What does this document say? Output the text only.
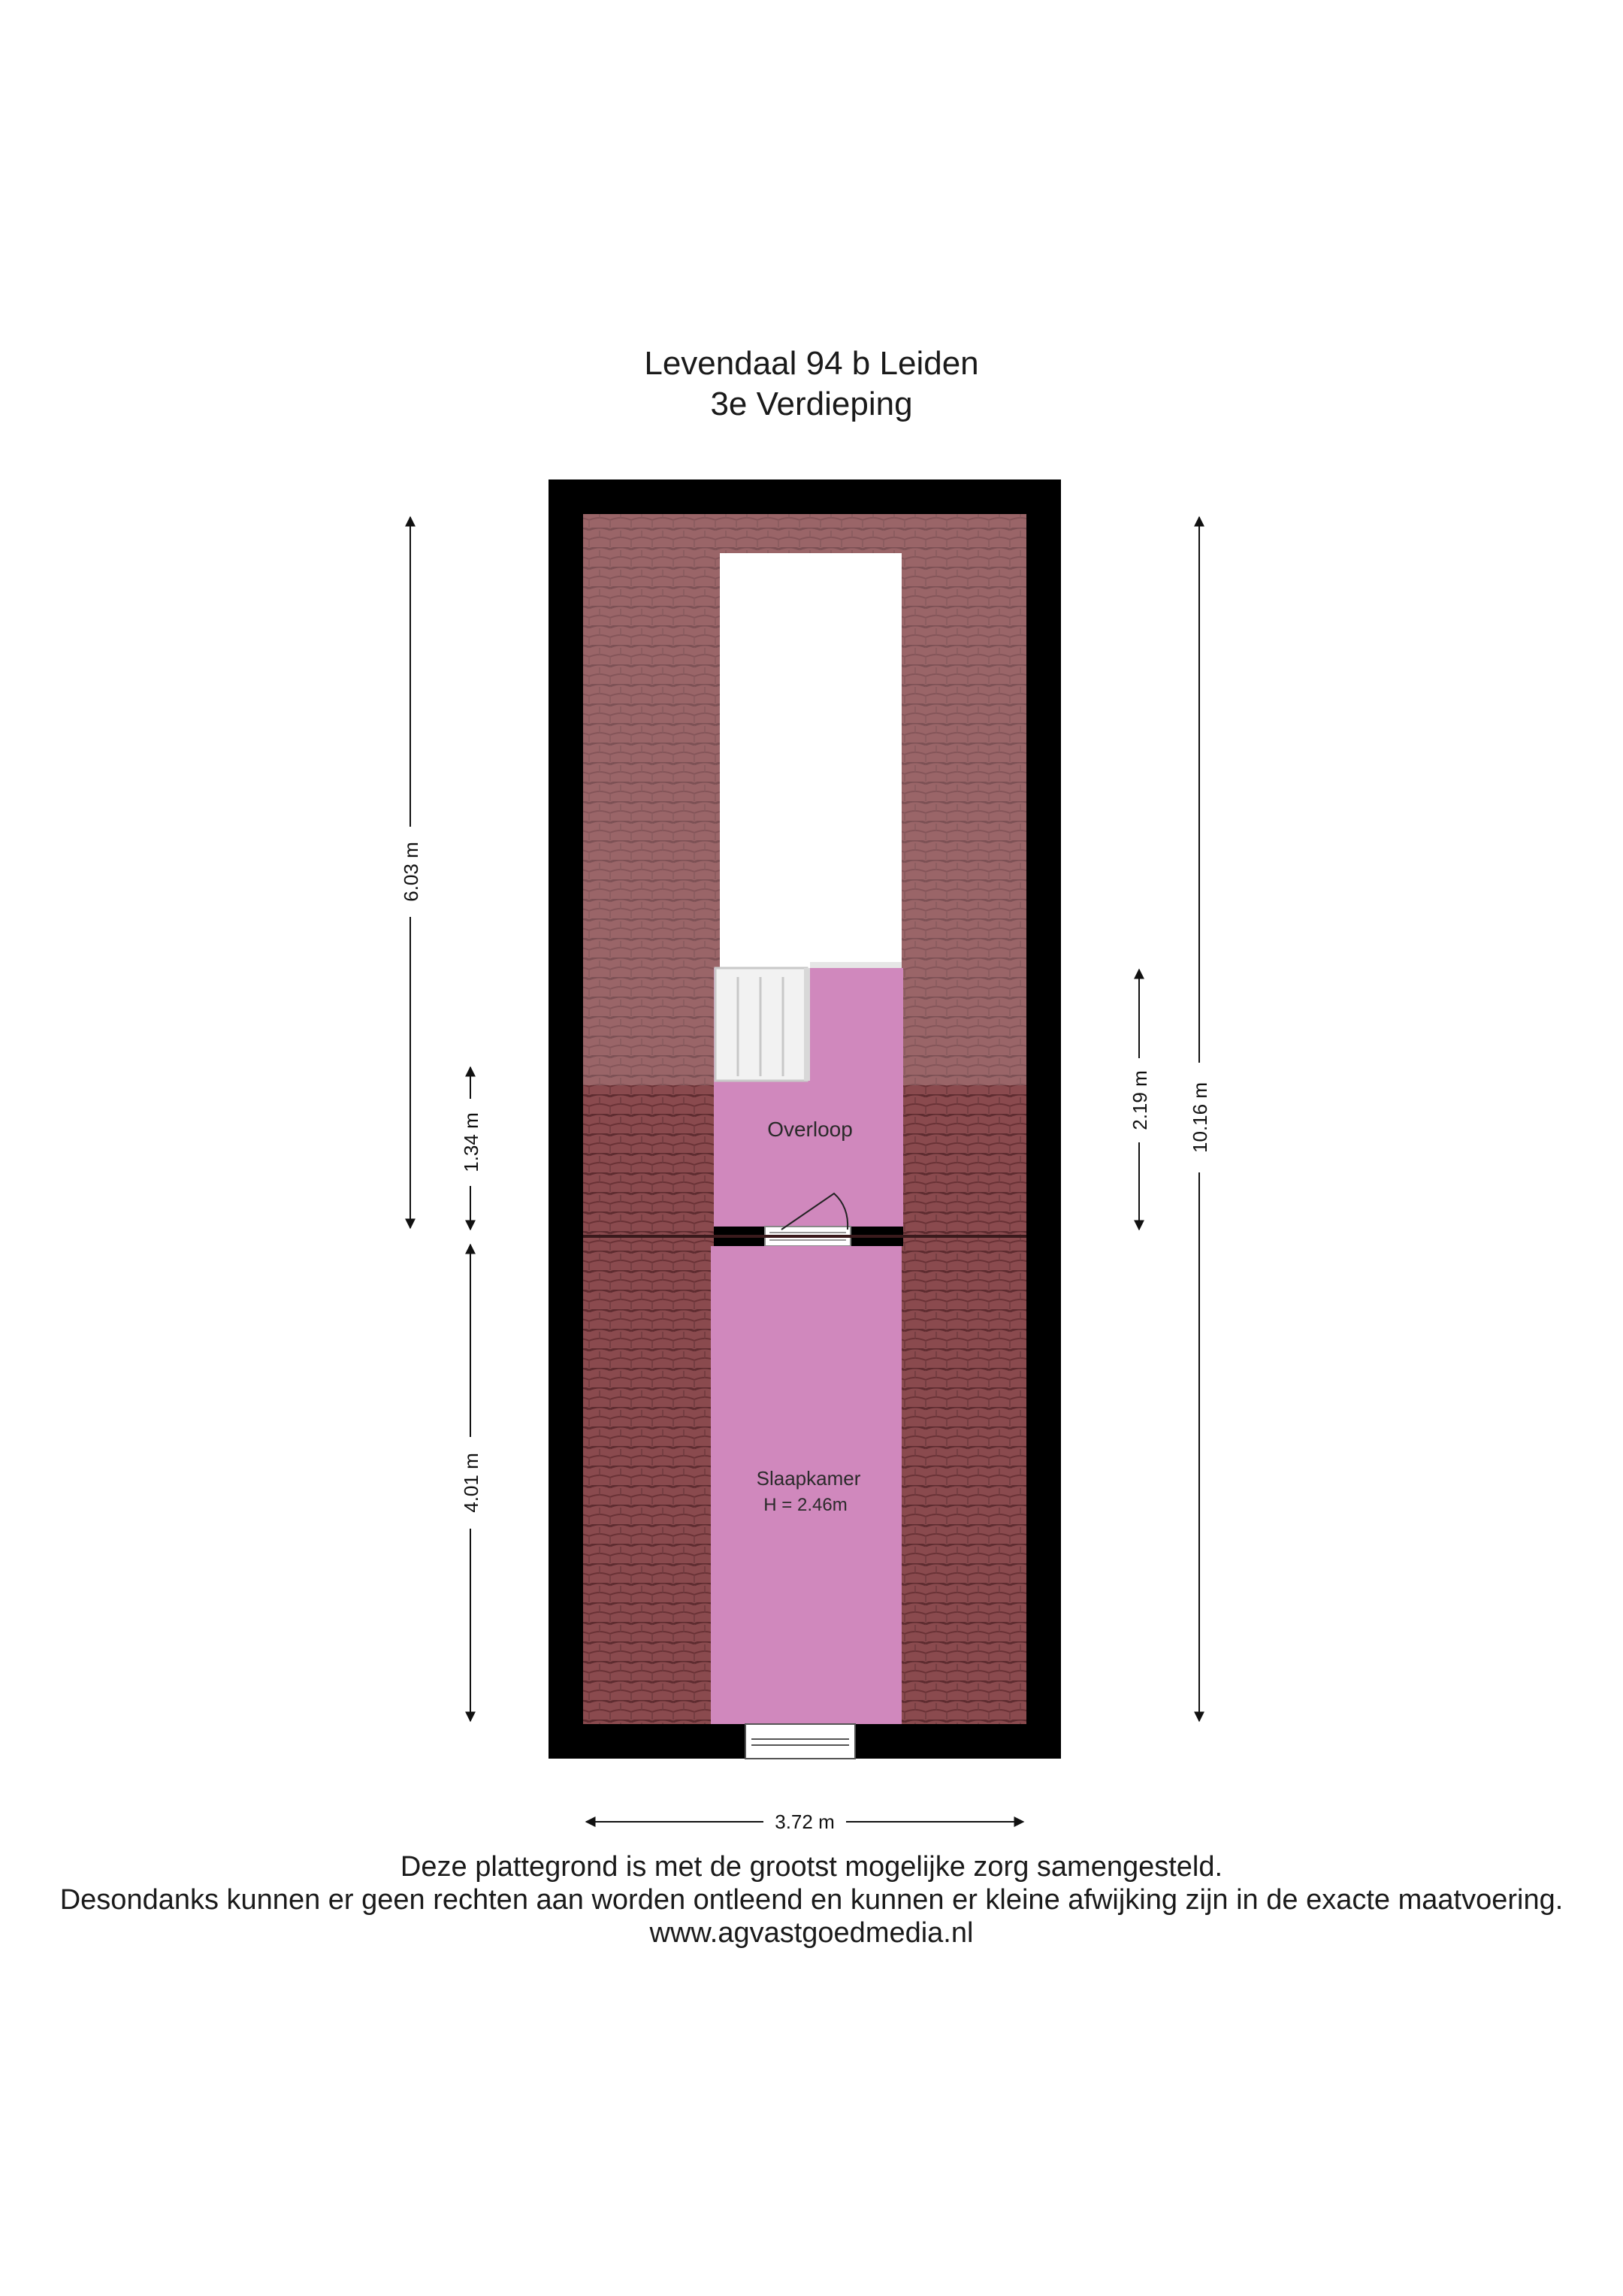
Levendaal 94 b Leiden
3e Verdieping
Overloop
Slaapkamer
H = 2.46m
6.03 m
1.34 m
4.01 m
2.19 m 10.16 m
3.72 m
Deze plattegrond is met de grootst mogelijke zorg samengesteld.
Desondanks kunnen er geen rechten aan worden ontleend en kunnen er kleine afwijking zijn in de exacte maatvoering.
www.agvastgoedmedia.nl
